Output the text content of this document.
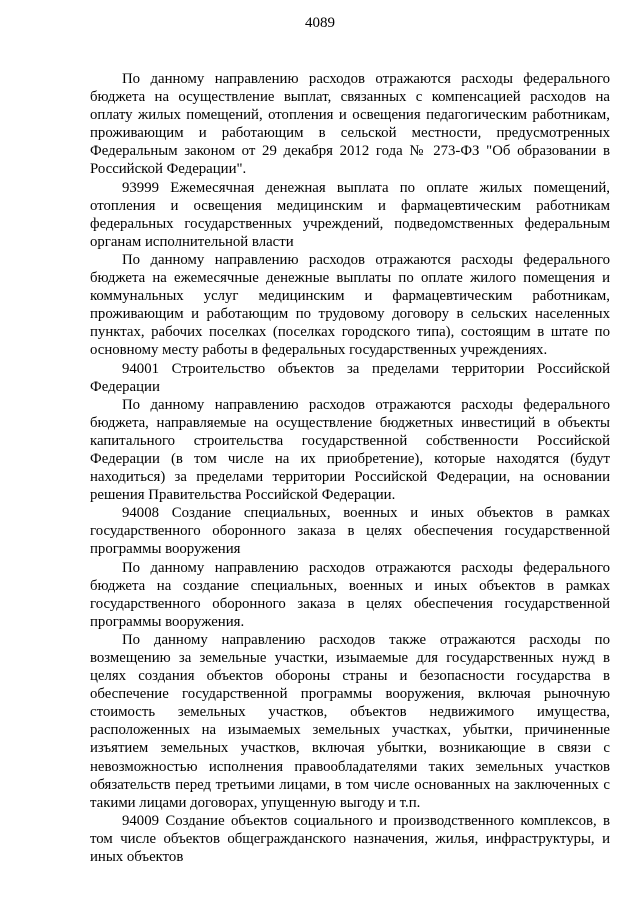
4089

По данному направлению расходов отражаются расходы федерального бюджета на осуществление выплат, связанных с компенсацией расходов на оплату жилых помещений, отопления и освещения педагогическим работникам, проживающим и работающим в сельской местности, предусмотренных Федеральным законом от 29 декабря 2012 года № 273-ФЗ "Об образовании в Российской Федерации".

93999 Ежемесячная денежная выплата по оплате жилых помещений, отопления и освещения медицинским и фармацевтическим работникам федеральных государственных учреждений, подведомственных федеральным органам исполнительной власти

По данному направлению расходов отражаются расходы федерального бюджета на ежемесячные денежные выплаты по оплате жилого помещения и коммунальных услуг медицинским и фармацевтическим работникам, проживающим и работающим по трудовому договору в сельских населенных пунктах, рабочих поселках (поселках городского типа), состоящим в штате по основному месту работы в федеральных государственных учреждениях.

94001 Строительство объектов за пределами территории Российской Федерации

По данному направлению расходов отражаются расходы федерального бюджета, направляемые на осуществление бюджетных инвестиций в объекты капитального строительства государственной собственности Российской Федерации (в том числе на их приобретение), которые находятся (будут находиться) за пределами территории Российской Федерации, на основании решения Правительства Российской Федерации.

94008 Создание специальных, военных и иных объектов в рамках государственного оборонного заказа в целях обеспечения государственной программы вооружения

По данному направлению расходов отражаются расходы федерального бюджета на создание специальных, военных и иных объектов в рамках государственного оборонного заказа в целях обеспечения государственной программы вооружения.

По данному направлению расходов также отражаются расходы по возмещению за земельные участки, изымаемые для государственных нужд в целях создания объектов обороны страны и безопасности государства в обеспечение государственной программы вооружения, включая рыночную стоимость земельных участков, объектов недвижимого имущества, расположенных на изымаемых земельных участках, убытки, причиненные изъятием земельных участков, включая убытки, возникающие в связи с невозможностью исполнения правообладателями таких земельных участков обязательств перед третьими лицами, в том числе основанных на заключенных с такими лицами договорах, упущенную выгоду и т.п.

94009 Создание объектов социального и производственного комплексов, в том числе объектов общегражданского назначения, жилья, инфраструктуры, и иных объектов
